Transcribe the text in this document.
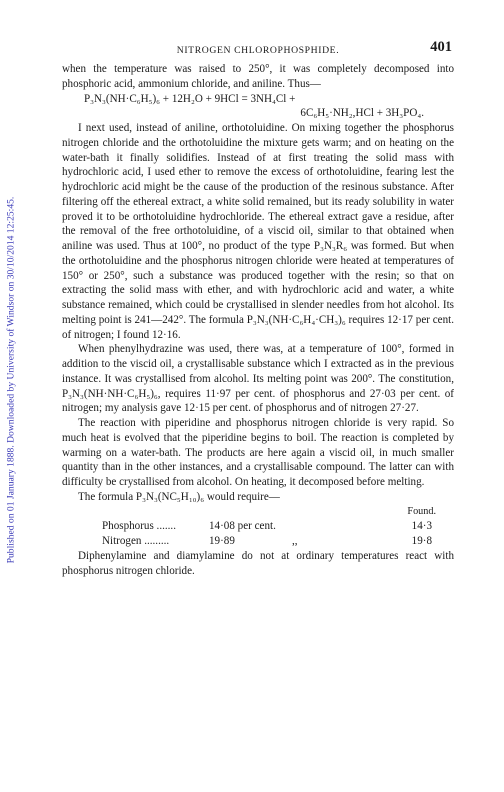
Published on 01 January 1888. Downloaded by University of Windsor on 30/10/2014 12:25:45.
NITROGEN CHLOROPHOSPHIDE.	401

when the temperature was raised to 250°, it was completely decomposed into phosphoric acid, ammonium chloride, and aniline. Thus—

P₃N₃(NH·C₆H₅)₆ + 12H₂O + 9HCl = 3NH₄Cl +

6C₆H₅·NH₂,HCl + 3H₃PO₄.

I next used, instead of aniline, orthotoluidine. On mixing together the phosphorus nitrogen chloride and the orthotoluidine the mixture gets warm; and on heating on the water-bath it finally solidifies. Instead of at first treating the solid mass with hydrochloric acid, I used ether to remove the excess of orthotoluidine, fearing lest the hydrochloric acid might be the cause of the production of the resinous substance. After filtering off the ethereal extract, a white solid remained, but its ready solubility in water proved it to be orthotoluidine hydrochloride. The ethereal extract gave a residue, after the removal of the free orthotoluidine, of a viscid oil, similar to that obtained when aniline was used. Thus at 100°, no product of the type P₃N₃R₆ was formed. But when the orthotoluidine and the phosphorus nitrogen chloride were heated at temperatures of 150° or 250°, such a substance was produced together with the resin; so that on extracting the solid mass with ether, and with hydrochloric acid and water, a white substance remained, which could be crystallised in slender needles from hot alcohol. Its melting point is 241—242°. The formula P₃N₃(NH·C₆H₄·CH₃)₆ requires 12·17 per cent. of nitrogen; I found 12·16.

When phenylhydrazine was used, there was, at a temperature of 100°, formed in addition to the viscid oil, a crystallisable substance which I extracted as in the previous instance. It was crystallised from alcohol. Its melting point was 200°. The constitution, P₃N₃(NH·NH·C₆H₅)₆, requires 11·97 per cent. of phosphorus and 27·03 per cent. of nitrogen; my analysis gave 12·15 per cent. of phosphorus and of nitrogen 27·27.

The reaction with piperidine and phosphorus nitrogen chloride is very rapid. So much heat is evolved that the piperidine begins to boil. The reaction is completed by warming on a water-bath. The products are here again a viscid oil, in much smaller quantity than in the other instances, and a crystallisable compound. The latter can with difficulty be crystallised from alcohol. On heating, it decomposed before melting.

The formula P₃N₃(NC₅H₁₀)₆ would require—

Found.
Phosphorus .......	14·08 per cent.	14·3
Nitrogen .........	19·89	,,	19·8

Diphenylamine and diamylamine do not at ordinary temperatures react with phosphorus nitrogen chloride.
